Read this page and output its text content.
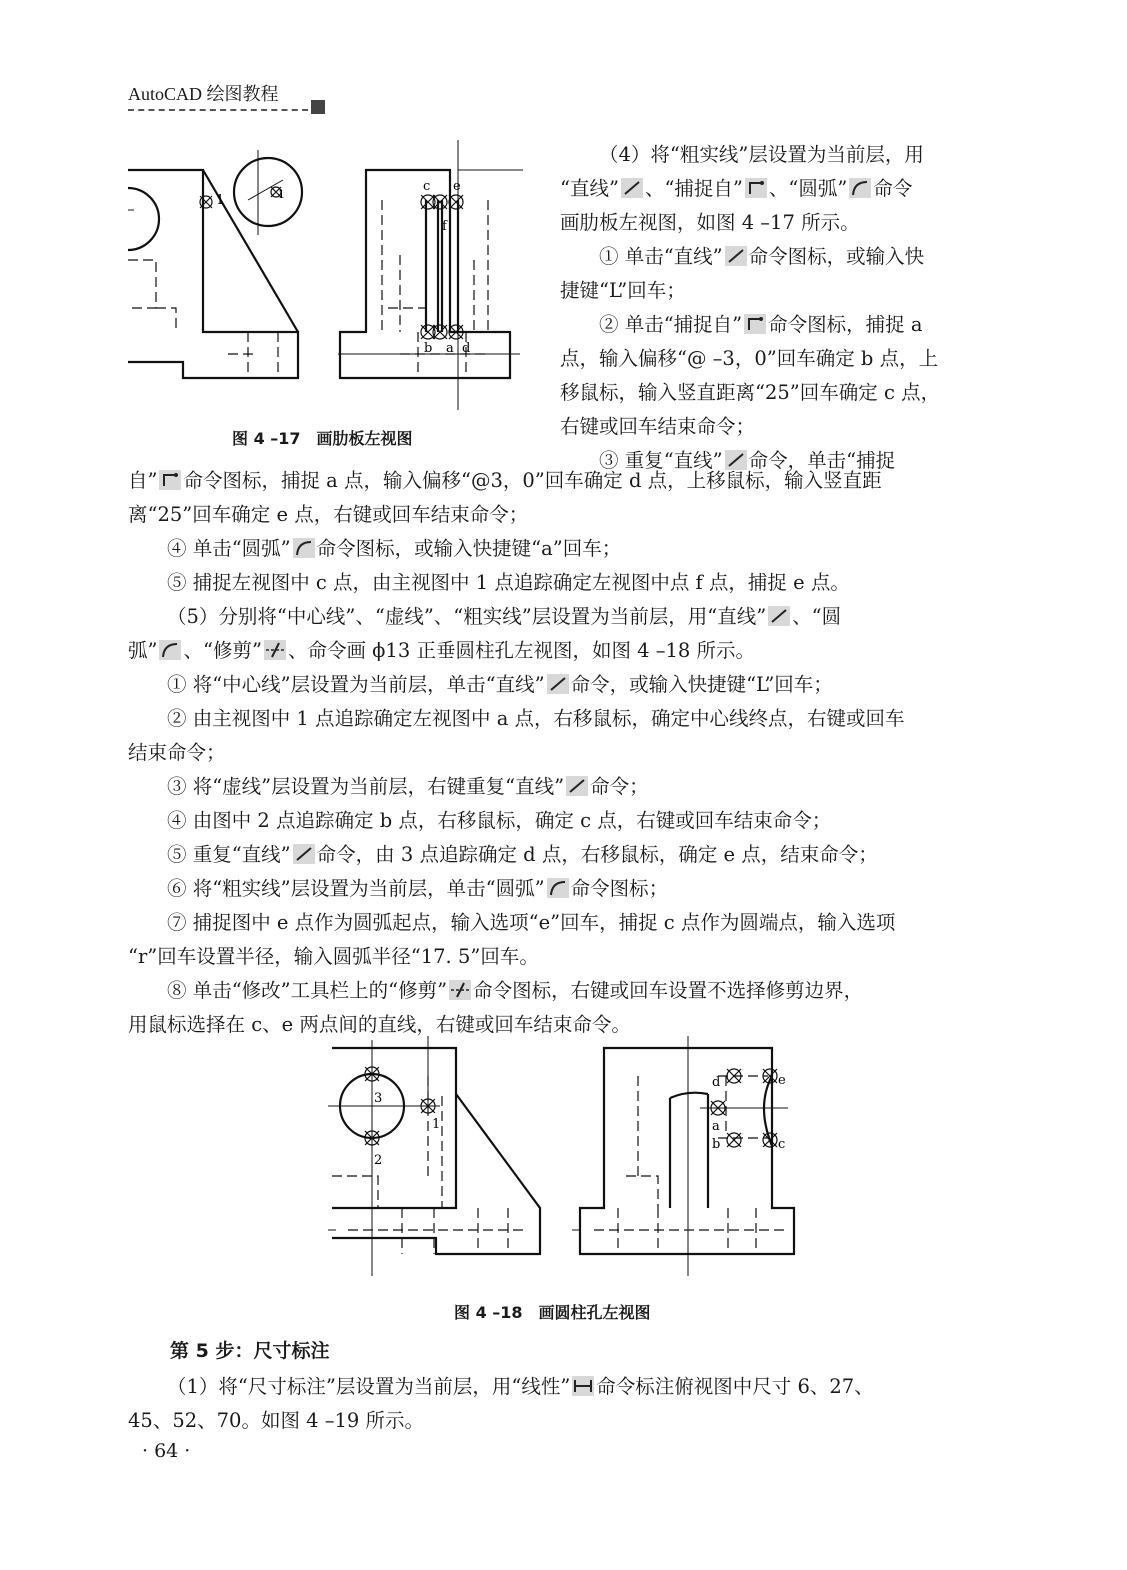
AutoCAD 绘图教程
1	1
c e
f
b a d
图 4 –17　画肋板左视图

（4）将“粗实线”层设置为当前层，用

“直线” 、“捕捉自” 、“圆弧” 命令

画肋板左视图，如图 4 –17 所示。

① 单击“直线” 命令图标，或输入快

捷键“L”回车；

② 单击“捕捉自” 命令图标，捕捉 a

点，输入偏移“@ –3，0”回车确定 b 点，上

移鼠标，输入竖直距离“25”回车确定 c 点，

右键或回车结束命令；

③ 重复“直线” 命令，单击“捕捉

自” 命令图标，捕捉 a 点，输入偏移“@3，0”回车确定 d 点，上移鼠标，输入竖直距

离“25”回车确定 e 点，右键或回车结束命令；

④ 单击“圆弧” 命令图标，或输入快捷键“a”回车；

⑤ 捕捉左视图中 c 点，由主视图中 1 点追踪确定左视图中点 f 点，捕捉 e 点。

（5）分别将“中心线”、“虚线”、“粗实线”层设置为当前层，用“直线” 、“圆

弧” 、“修剪” 、命令画 ϕ13 正垂圆柱孔左视图，如图 4 –18 所示。

① 将“中心线”层设置为当前层，单击“直线” 命令，或输入快捷键“L”回车；

② 由主视图中 1 点追踪确定左视图中 a 点，右移鼠标，确定中心线终点，右键或回车

结束命令；

③ 将“虚线”层设置为当前层，右键重复“直线” 命令；

④ 由图中 2 点追踪确定 b 点，右移鼠标，确定 c 点，右键或回车结束命令；

⑤ 重复“直线” 命令，由 3 点追踪确定 d 点，右移鼠标，确定 e 点，结束命令；

⑥ 将“粗实线”层设置为当前层，单击“圆弧” 命令图标；

⑦ 捕捉图中 e 点作为圆弧起点，输入选项“e”回车，捕捉 c 点作为圆端点，输入选项

“r”回车设置半径，输入圆弧半径“17. 5”回车。

⑧ 单击“修改”工具栏上的“修剪” 命令图标，右键或回车设置不选择修剪边界，

用鼠标选择在 c、e 两点间的直线，右键或回车结束命令。

3
1
2
d	e
a
b	c
图 4 –18　画圆柱孔左视图
第 5 步：尺寸标注

（1）将“尺寸标注”层设置为当前层，用“线性” 命令标注俯视图中尺寸 6、27、

45、52、70。如图 4 –19 所示。

· 64 ·
